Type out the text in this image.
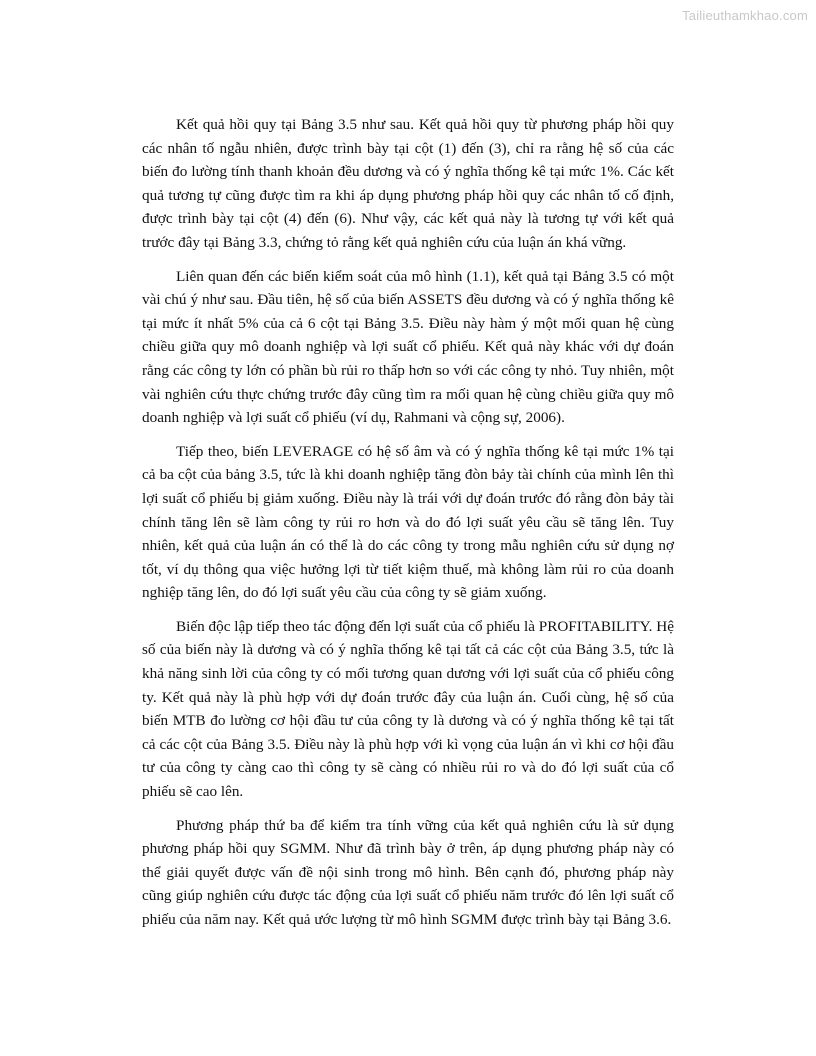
Tailieuthamkhao.com

Kết quả hồi quy tại Bảng 3.5 như sau. Kết quả hồi quy từ phương pháp hồi quy các nhân tố ngẫu nhiên, được trình bày tại cột (1) đến (3), chỉ ra rằng hệ số của các biến đo lường tính thanh khoản đều dương và có ý nghĩa thống kê tại mức 1%. Các kết quả tương tự cũng được tìm ra khi áp dụng phương pháp hồi quy các nhân tố cố định, được trình bày tại cột (4) đến (6). Như vậy, các kết quả này là tương tự với kết quả trước đây tại Bảng 3.3, chứng tỏ rằng kết quả nghiên cứu của luận án khá vững.

Liên quan đến các biến kiểm soát của mô hình (1.1), kết quả tại Bảng 3.5 có một vài chú ý như sau. Đầu tiên, hệ số của biến ASSETS đều dương và có ý nghĩa thống kê tại mức ít nhất 5% của cả 6 cột tại Bảng 3.5. Điều này hàm ý một mối quan hệ cùng chiều giữa quy mô doanh nghiệp và lợi suất cổ phiếu. Kết quả này khác với dự đoán rằng các công ty lớn có phần bù rủi ro thấp hơn so với các công ty nhỏ. Tuy nhiên, một vài nghiên cứu thực chứng trước đây cũng tìm ra mối quan hệ cùng chiều giữa quy mô doanh nghiệp và lợi suất cổ phiếu (ví dụ, Rahmani và cộng sự, 2006).

Tiếp theo, biến LEVERAGE có hệ số âm và có ý nghĩa thống kê tại mức 1% tại cả ba cột của bảng 3.5, tức là khi doanh nghiệp tăng đòn bảy tài chính của mình lên thì lợi suất cổ phiếu bị giảm xuống. Điều này là trái với dự đoán trước đó rằng đòn bảy tài chính tăng lên sẽ làm công ty rủi ro hơn và do đó lợi suất yêu cầu sẽ tăng lên. Tuy nhiên, kết quả của luận án có thể là do các công ty trong mẫu nghiên cứu sử dụng nợ tốt, ví dụ thông qua việc hưởng lợi từ tiết kiệm thuế, mà không làm rủi ro của doanh nghiệp tăng lên, do đó lợi suất yêu cầu của công ty sẽ giảm xuống.

Biến độc lập tiếp theo tác động đến lợi suất của cổ phiếu là PROFITABILITY. Hệ số của biến này là dương và có ý nghĩa thống kê tại tất cả các cột của Bảng 3.5, tức là khả năng sinh lời của công ty có mối tương quan dương với lợi suất của cổ phiếu công ty. Kết quả này là phù hợp với dự đoán trước đây của luận án. Cuối cùng, hệ số của biến MTB đo lường cơ hội đầu tư của công ty là dương và có ý nghĩa thống kê tại tất cả các cột của Bảng 3.5. Điều này là phù hợp với kì vọng của luận án vì khi cơ hội đầu tư của công ty càng cao thì công ty sẽ càng có nhiều rủi ro và do đó lợi suất của cổ phiếu sẽ cao lên.

Phương pháp thứ ba để kiểm tra tính vững của kết quả nghiên cứu là sử dụng phương pháp hồi quy SGMM. Như đã trình bày ở trên, áp dụng phương pháp này có thể giải quyết được vấn đề nội sinh trong mô hình. Bên cạnh đó, phương pháp này cũng giúp nghiên cứu được tác động của lợi suất cổ phiếu năm trước đó lên lợi suất cổ phiếu của năm nay. Kết quả ước lượng từ mô hình SGMM được trình bày tại Bảng 3.6.
